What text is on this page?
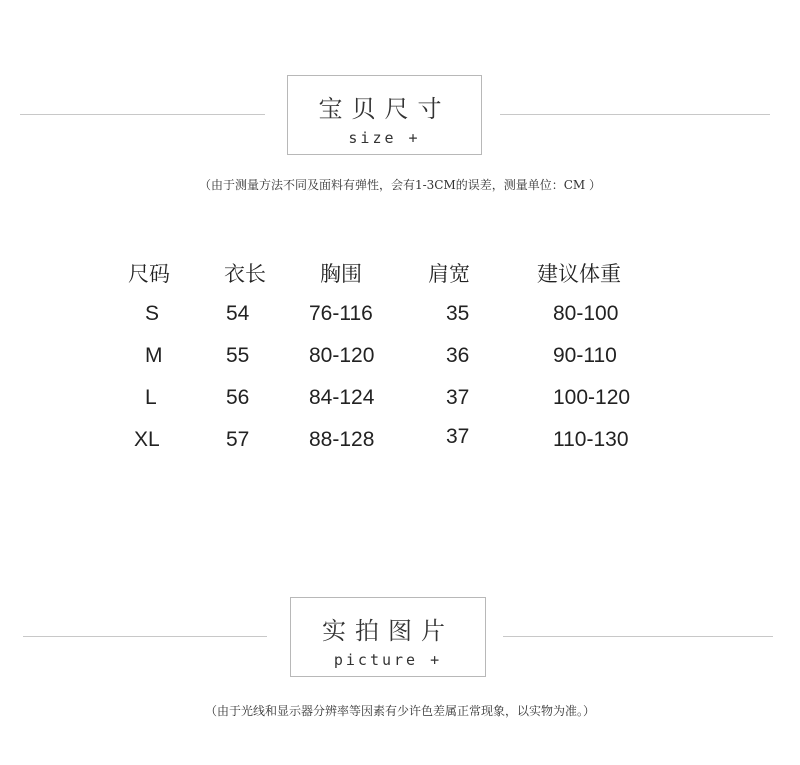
宝贝尺寸
size +
（由于测量方法不同及面料有弹性，会有1-3CM的误差，测量单位：CM ）
尺码	衣长	胸围	肩宽	建议体重
S	54	76-116	35	80-100
M	55	80-120	36	90-110
L	56	84-124	37	100-120
XL	57	88-128	37	110-130
实拍图片
picture +
（由于光线和显示器分辨率等因素有少许色差属正常现象，以实物为准。）
